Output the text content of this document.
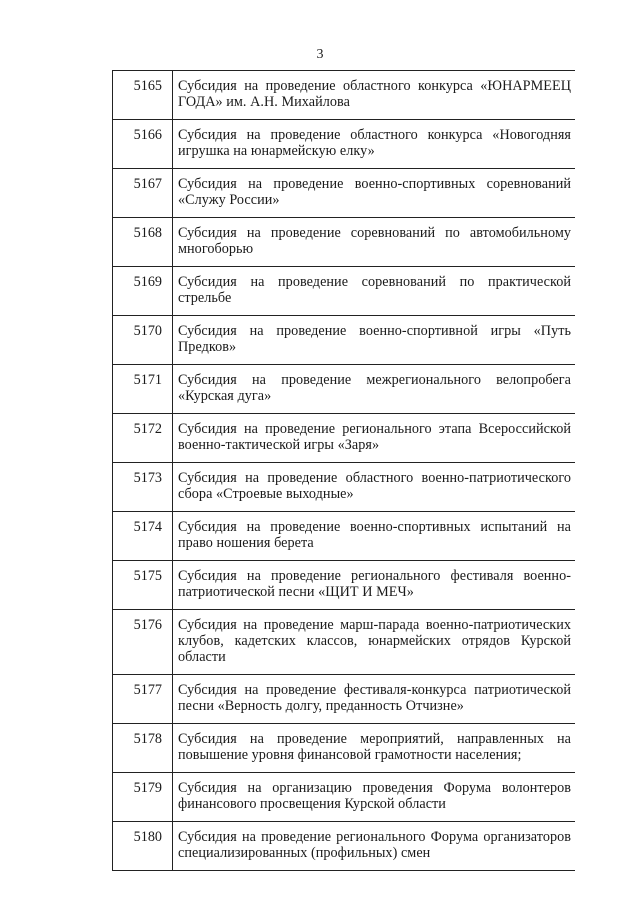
3
5165	Субсидия на проведение областного конкурса «ЮНАРМЕЕЦ ГОДА» им. А.Н. Михайлова
5166	Субсидия на проведение областного конкурса «Новогодняя игрушка на юнармейскую елку»
5167	Субсидия на проведение военно-спортивных соревнований «Служу России»
5168	Субсидия на проведение соревнований по автомобильному многоборью
5169	Субсидия на проведение соревнований по практической стрельбе
5170	Субсидия на проведение военно-спортивной игры «Путь Предков»
5171	Субсидия на проведение межрегионального велопробега «Курская дуга»
5172	Субсидия на проведение регионального этапа Всероссийской военно-тактической игры «Заря»
5173	Субсидия на проведение областного военно-патриотического сбора «Строевые выходные»
5174	Субсидия на проведение военно-спортивных испытаний на право ношения берета
5175	Субсидия на проведение регионального фестиваля военно-патриотической песни «ЩИТ И МЕЧ»
5176	Субсидия на проведение марш-парада военно-патриотических клубов, кадетских классов, юнармейских отрядов Курской области
5177	Субсидия на проведение фестиваля-конкурса патриотической песни «Верность долгу, преданность Отчизне»
5178	Субсидия на проведение мероприятий, направленных на повышение уровня финансовой грамотности населения;
5179	Субсидия на организацию проведения Форума волонтеров финансового просвещения Курской области
5180	Субсидия на проведение регионального Форума организаторов специализированных (профильных) смен
